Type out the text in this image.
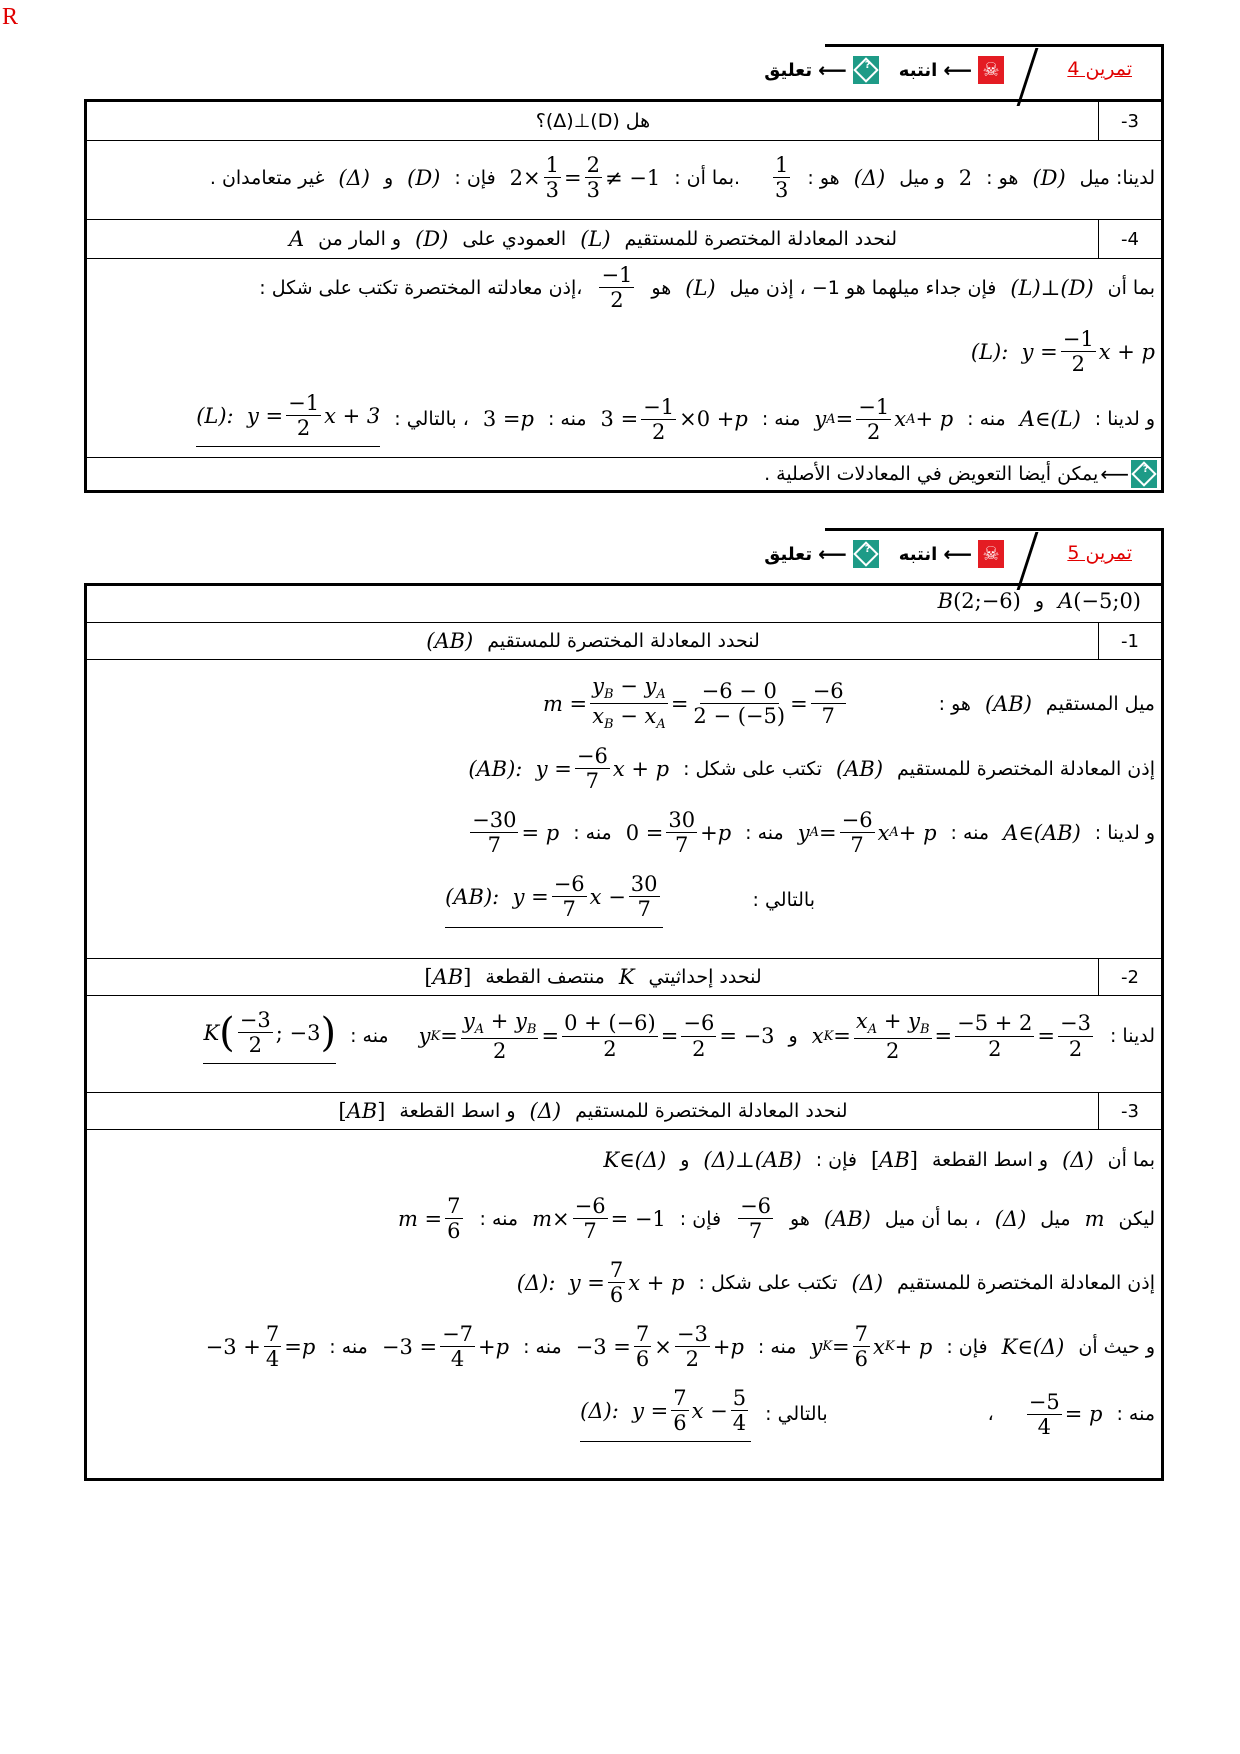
R
تمرين 4
☠
⟵
انتبه
?
⟵
تعليق
-3
هل (D)⊥(Δ)؟
لدينا: ميل
(D)
هو :
2
و ميل
(Δ)
هو :
$\frac{1}{3}$
.بما أن :
$2\times \frac{1}{3} = \frac{2}{3} \ne -1$
فإن :
(D)
و
(Δ)
غير متعامدان .
-4
لنحدد المعادلة المختصرة للمستقيم
(L)
العمودي على
(D)
و المار من
A
بما أن
(L)⊥(D)
فإن جداء ميلهما هو 1− ، إذن ميل
(L)
هو
$\frac{-1}{2}$
،إذن معادلته المختصرة تكتب على شكل :
(L):  $y = \frac{-1}{2}$ x + p
و لدينا :
A∈(L)
منه :
y $A = \frac{-1}{2}$ x A + p
منه :
$3 = \frac{-1}{2} \times 0 + p$
منه :
3 = p
، بالتالي :
(L):  $y = \frac{-1}{2}$ x + 3
?
⟵
يمكن أيضا التعويض في المعادلات الأصلية .
تمرين 5
☠
⟵
انتبه
?
⟵
تعليق
A (−5;0)
و
B (2;−6)
-1
لنحدد المعادلة المختصرة للمستقيم
(AB)
ميل المستقيم
(AB)
هو :
$m = \frac{y_B - y_A}{x_B - x_A} = \frac{-6 - 0}{2 - (-5)} = \frac{-6}{7}$
إذن المعادلة المختصرة للمستقيم
(AB)
تكتب على شكل :
(AB):  $y = \frac{-6}{7}$ x + p
و لدينا :
A∈(AB)
منه :
y $A = \frac{-6}{7}$ x A + p
منه :
$0 = \frac{30}{7} + p$
منه :
$\frac{-30}{7} = p$
بالتالي :
(AB):  $y = \frac{-6}{7}$ $x - \frac{30}{7}$
-2
لنحدد إحداثيتي
K
منتصف القطعة
[ AB ]
لدينا :
x $K = \frac{x_A + y_B}{2} = \frac{-5 + 2}{2} = \frac{-3}{2}$
و
y $K = \frac{y_A + y_B}{2} = \frac{0 + (-6)}{2} = \frac{-6}{2} = -3$
منه :
K ( $\frac{-3}{2}$ ; −3 )
-3
لنحدد المعادلة المختصرة للمستقيم
(Δ)
و اسط القطعة
[ AB ]
بما أن
(Δ)
و اسط القطعة
[ AB ]
فإن :
(Δ)⊥(AB)
و
K∈(Δ)
ليكن
m
ميل
(Δ)
، بما أن ميل
(AB)
هو
$\frac{-6}{7}$
فإن :
$m\times \frac{-6}{7} = -1$
منه :
$m = \frac{7}{6}$
إذن المعادلة المختصرة للمستقيم
(Δ)
تكتب على شكل :
(Δ):  $y = \frac{7}{6}$ x + p
و حيث أن
K∈(Δ)
فإن :
y $K = \frac{7}{6}$ x K + p
منه :
$-3 = \frac{7}{6} \times \frac{-3}{2} + p$
منه :
$-3 = \frac{-7}{4} + p$
منه :
$-3 + \frac{7}{4} = p$
منه :
$\frac{-5}{4} = p$
،
بالتالي :
(Δ):  $y = \frac{7}{6}$ $x - \frac{5}{4}$
